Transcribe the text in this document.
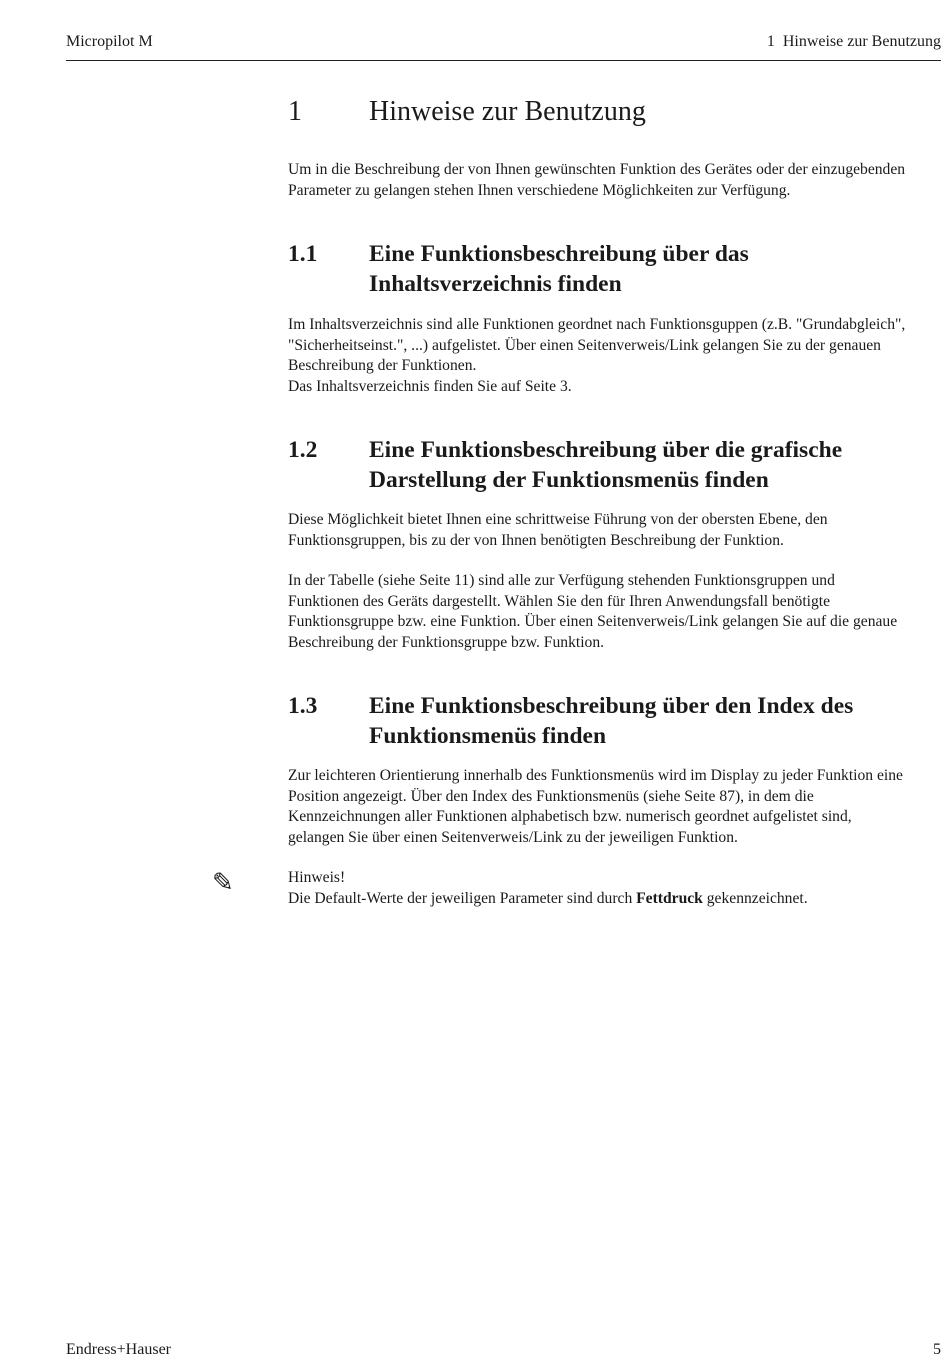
Micropilot M	1  Hinweise zur Benutzung
1 Hinweise zur Benutzung
Um in die Beschreibung der von Ihnen gewünschten Funktion des Gerätes oder der einzugebenden
Parameter zu gelangen stehen Ihnen verschiedene Möglichkeiten zur Verfügung.
1.1 Eine Funktionsbeschreibung über das
Inhaltsverzeichnis finden
Im Inhaltsverzeichnis sind alle Funktionen geordnet nach Funktionsguppen (z.B. "Grundabgleich",
"Sicherheitseinst.", ...) aufgelistet. Über einen Seitenverweis/Link gelangen Sie zu der genauen
Beschreibung der Funktionen.
Das Inhaltsverzeichnis finden Sie auf Seite 3.
1.2 Eine Funktionsbeschreibung über die grafische
Darstellung der Funktionsmenüs finden
Diese Möglichkeit bietet Ihnen eine schrittweise Führung von der obersten Ebene, den
Funktionsgruppen, bis zu der von Ihnen benötigten Beschreibung der Funktion.
In der Tabelle (siehe Seite 11) sind alle zur Verfügung stehenden Funktionsgruppen und
Funktionen des Geräts dargestellt. Wählen Sie den für Ihren Anwendungsfall benötigte
Funktionsgruppe bzw. eine Funktion. Über einen Seitenverweis/Link gelangen Sie auf die genaue
Beschreibung der Funktionsgruppe bzw. Funktion.
1.3 Eine Funktionsbeschreibung über den Index des
Funktionsmenüs finden
Zur leichteren Orientierung innerhalb des Funktionsmenüs wird im Display zu jeder Funktion eine
Position angezeigt. Über den Index des Funktionsmenüs (siehe Seite 87), in dem die
Kennzeichnungen aller Funktionen alphabetisch bzw. numerisch geordnet aufgelistet sind,
gelangen Sie über einen Seitenverweis/Link zu der jeweiligen Funktion.
✎	Hinweis!
Die Default-Werte der jeweiligen Parameter sind durch Fettdruck gekennzeichnet.
Endress+Hauser	5
